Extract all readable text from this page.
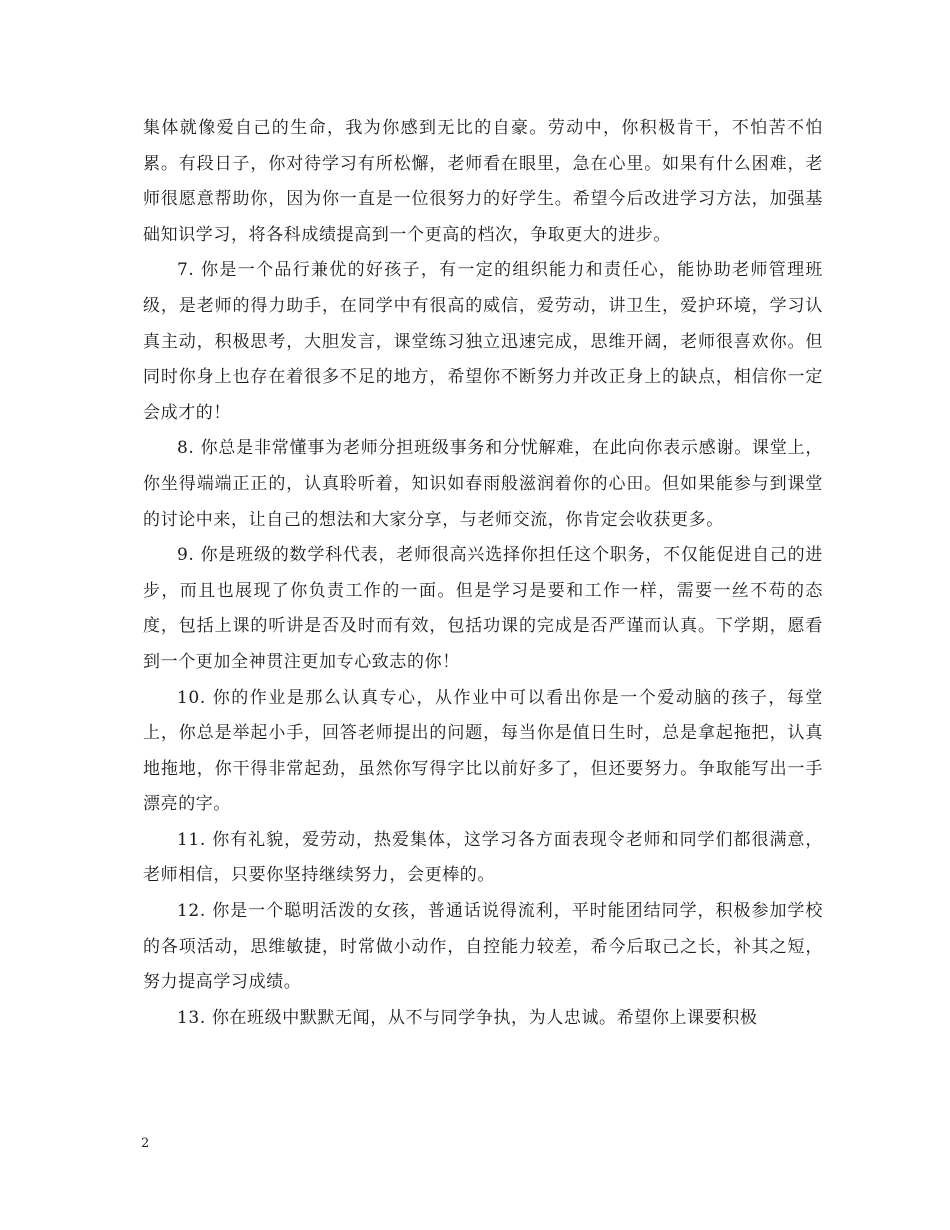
集体就像爱自己的生命，我为你感到无比的自豪。劳动中，你积极肯干，不怕苦不怕累。有段日子，你对待学习有所松懈，老师看在眼里，急在心里。如果有什么困难，老师很愿意帮助你，因为你一直是一位很努力的好学生。希望今后改进学习方法，加强基础知识学习，将各科成绩提高到一个更高的档次，争取更大的进步。

7. 你是一个品行兼优的好孩子，有一定的组织能力和责任心，能协助老师管理班级，是老师的得力助手，在同学中有很高的威信，爱劳动，讲卫生，爱护环境，学习认真主动，积极思考，大胆发言，课堂练习独立迅速完成，思维开阔，老师很喜欢你。但同时你身上也存在着很多不足的地方，希望你不断努力并改正身上的缺点，相信你一定会成才的！

8. 你总是非常懂事为老师分担班级事务和分忧解难，在此向你表示感谢。课堂上，你坐得端端正正的，认真聆听着，知识如春雨般滋润着你的心田。但如果能参与到课堂的讨论中来，让自己的想法和大家分享，与老师交流，你肯定会收获更多。

9. 你是班级的数学科代表，老师很高兴选择你担任这个职务，不仅能促进自己的进步，而且也展现了你负责工作的一面。但是学习是要和工作一样，需要一丝不苟的态度，包括上课的听讲是否及时而有效，包括功课的完成是否严谨而认真。下学期，愿看到一个更加全神贯注更加专心致志的你！

10. 你的作业是那么认真专心，从作业中可以看出你是一个爱动脑的孩子，每堂上，你总是举起小手，回答老师提出的问题，每当你是值日生时，总是拿起拖把，认真地拖地，你干得非常起劲，虽然你写得字比以前好多了，但还要努力。争取能写出一手漂亮的字。

11. 你有礼貌，爱劳动，热爱集体，这学习各方面表现令老师和同学们都很满意，老师相信，只要你坚持继续努力，会更棒的。

12. 你是一个聪明活泼的女孩，普通话说得流利，平时能团结同学，积极参加学校的各项活动，思维敏捷，时常做小动作，自控能力较差，希今后取己之长，补其之短，努力提高学习成绩。

13. 你在班级中默默无闻，从不与同学争执，为人忠诚。希望你上课要积极

2
